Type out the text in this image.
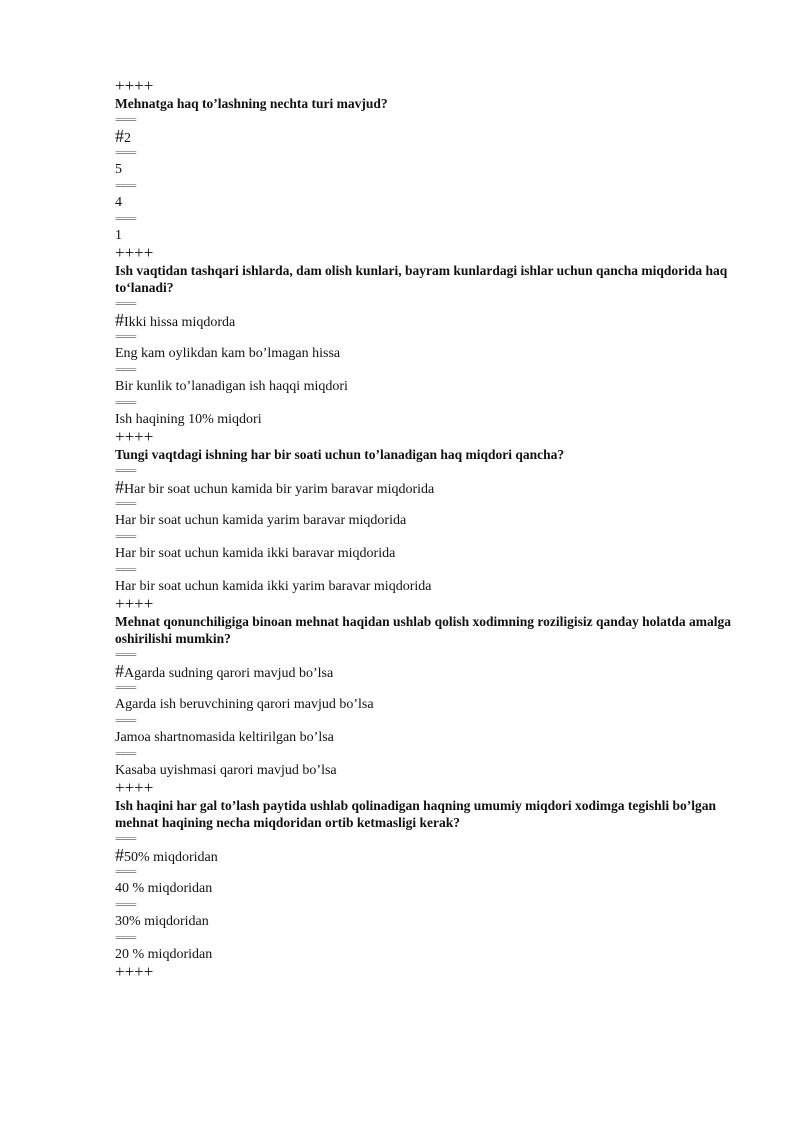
++++
Mehnatga haq to’lashning nechta turi mavjud?
====
#2
====
5
====
4
====
1
++++
Ish vaqtidan tashqari ishlarda, dam olish kunlari, bayram kunlardagi ishlar uchun qancha miqdorida haq to‘lanadi?
====
#Ikki hissa miqdorda
====
Eng kam oylikdan kam bo’lmagan hissa
====
Bir kunlik to’lanadigan ish haqqi miqdori
====
Ish haqining 10% miqdori
++++
Tungi vaqtdagi ishning har bir soati uchun to’lanadigan haq miqdori qancha?
====
#Har bir soat uchun kamida bir yarim baravar miqdorida
====
Har bir soat uchun kamida yarim baravar miqdorida
====
Har bir soat uchun kamida ikki baravar miqdorida
====
Har bir soat uchun kamida ikki yarim baravar miqdorida
++++
Mehnat qonunchiligiga binoan mehnat haqidan ushlab qolish xodimning roziligisiz qanday holatda amalga oshirilishi mumkin?
====
#Agarda sudning qarori mavjud bo’lsa
====
Agarda ish beruvchining qarori mavjud bo’lsa
====
Jamoa shartnomasida keltirilgan bo’lsa
====
Kasaba uyishmasi qarori mavjud bo’lsa
++++
Ish haqini har gal to’lash paytida ushlab qolinadigan haqning umumiy miqdori xodimga tegishli bo’lgan mehnat haqining necha miqdoridan ortib ketmasligi kerak?
====
#50% miqdoridan
====
40 % miqdoridan
====
30% miqdoridan
====
20 % miqdoridan
++++
